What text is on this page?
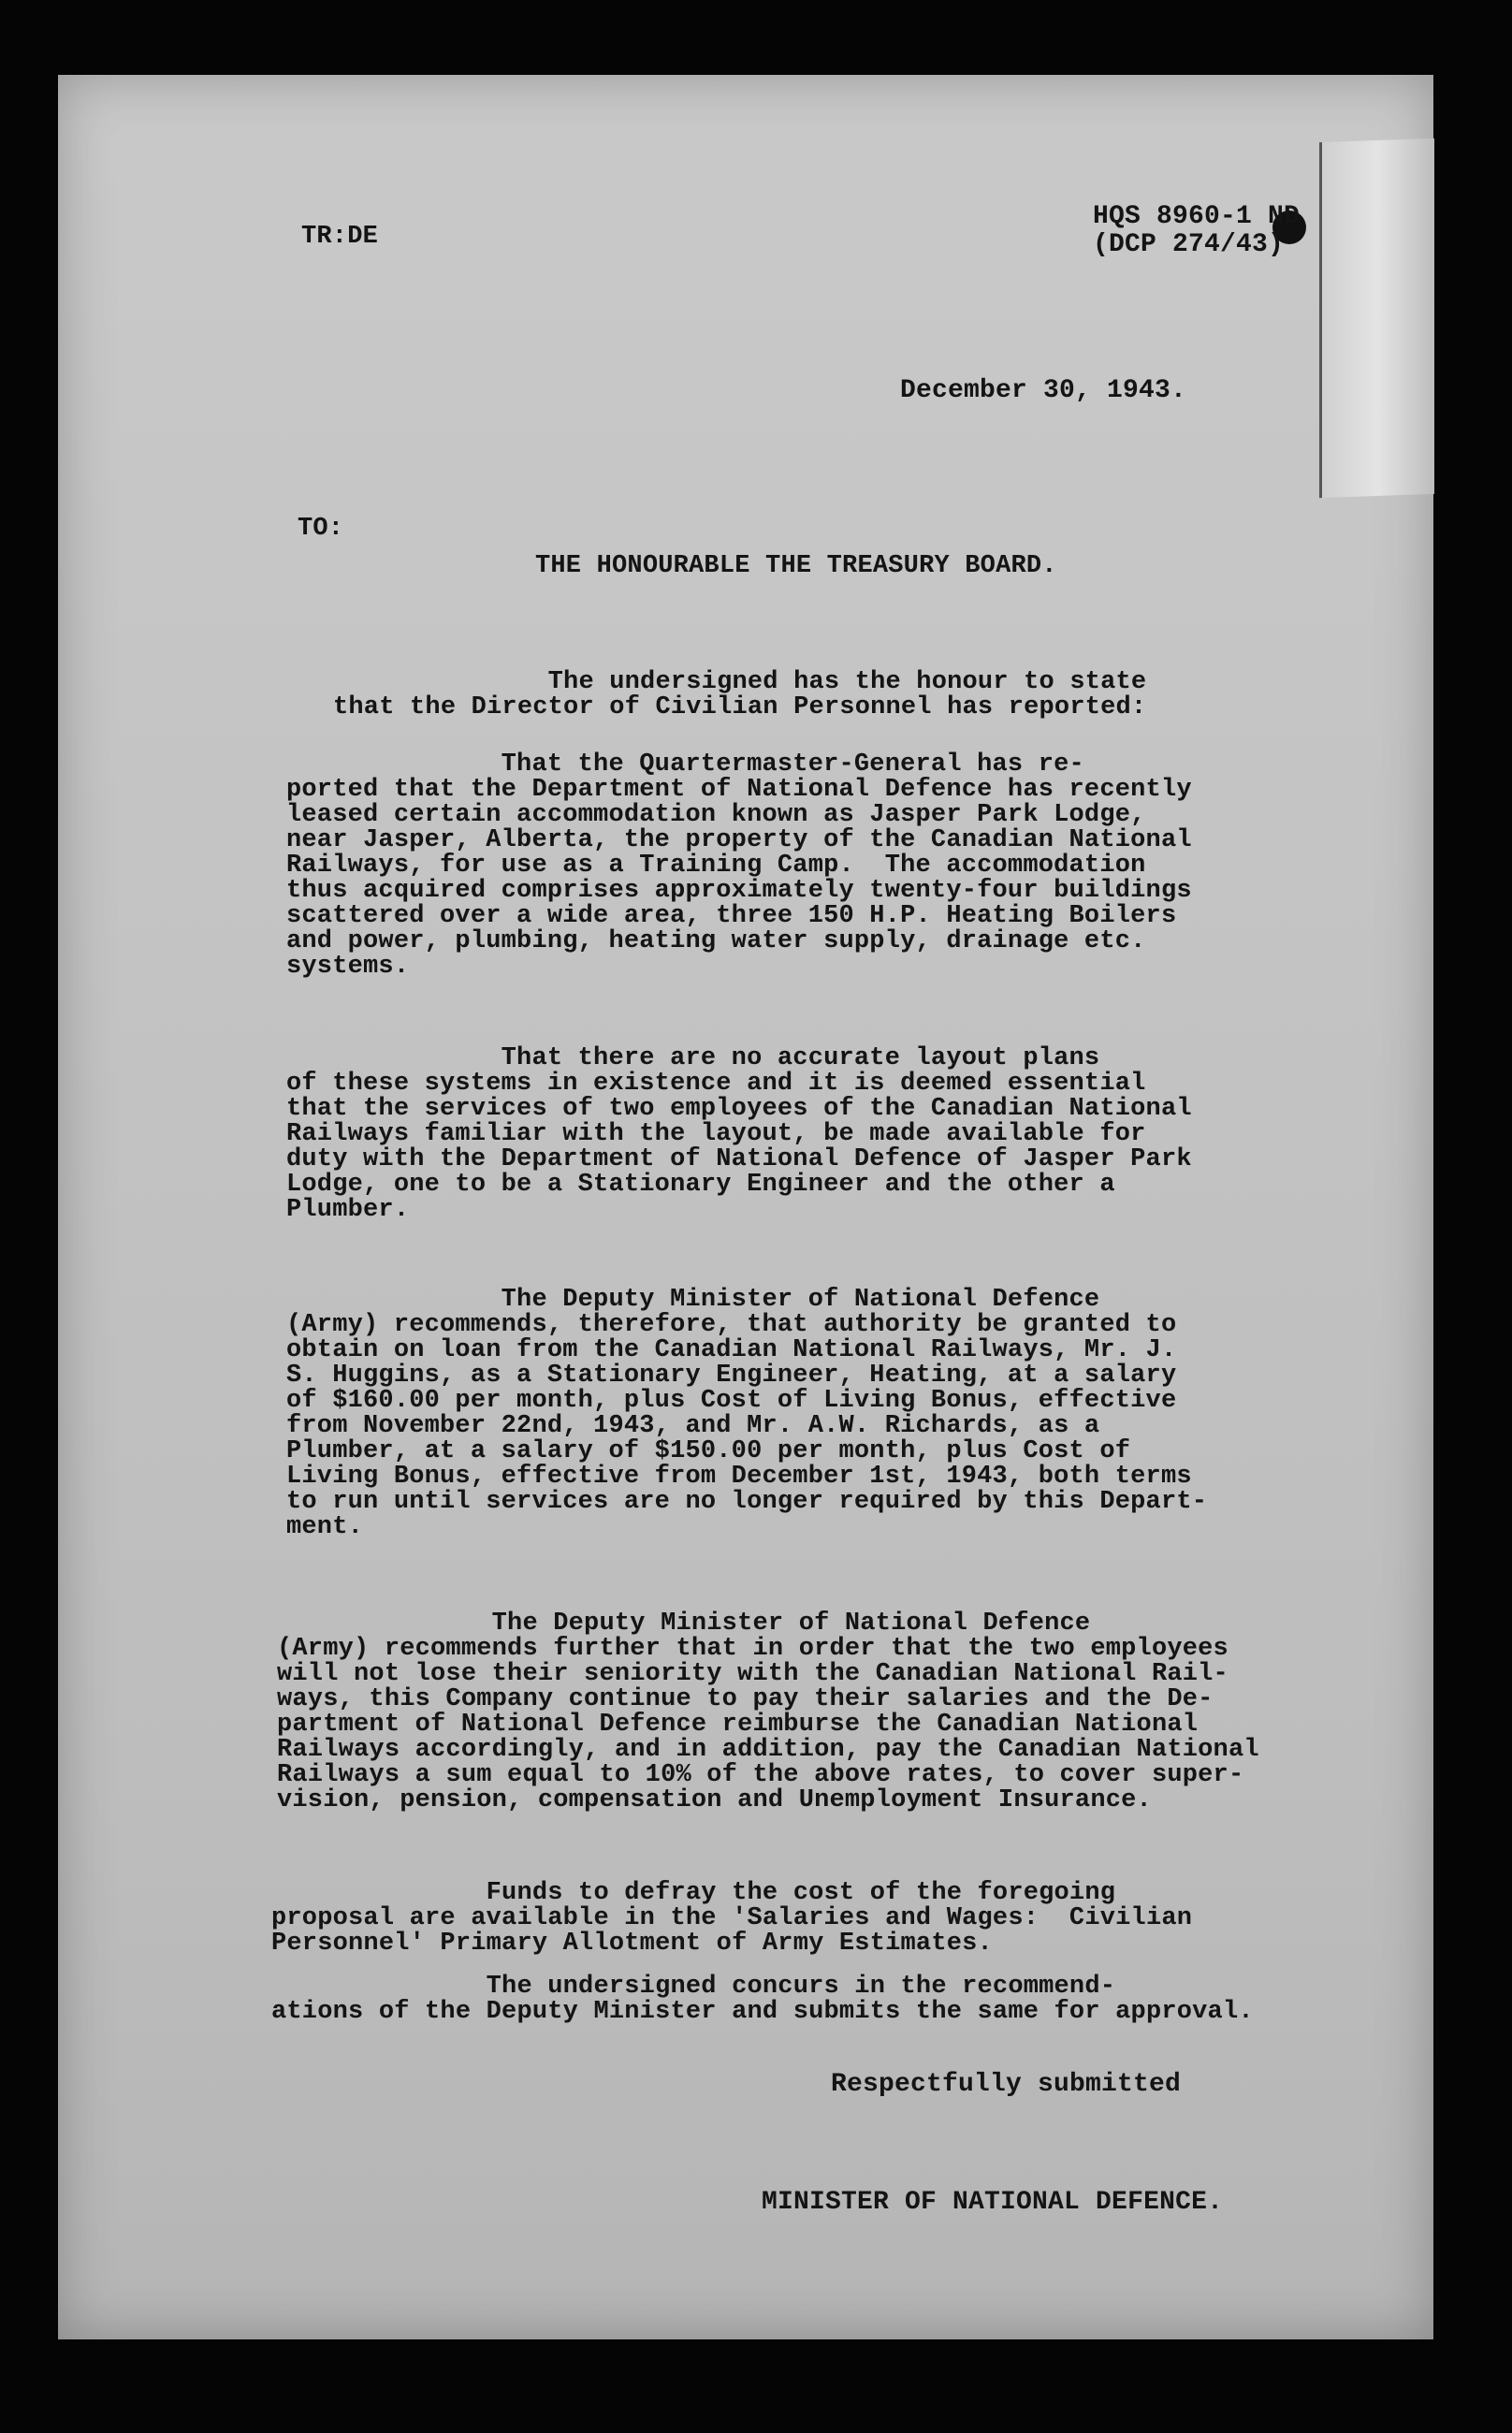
TR:DE
HQS 8960-1 ND
(DCP 274/43)
December 30, 1943.
TO:
THE HONOURABLE THE TREASURY BOARD.
The undersigned has the honour to state
that the Director of Civilian Personnel has reported:
That the Quartermaster-General has re-
ported that the Department of National Defence has recently
leased certain accommodation known as Jasper Park Lodge,
near Jasper, Alberta, the property of the Canadian National
Railways, for use as a Training Camp.  The accommodation
thus acquired comprises approximately twenty-four buildings
scattered over a wide area, three 150 H.P. Heating Boilers
and power, plumbing, heating water supply, drainage etc.
systems.
That there are no accurate layout plans
of these systems in existence and it is deemed essential
that the services of two employees of the Canadian National
Railways familiar with the layout, be made available for
duty with the Department of National Defence of Jasper Park
Lodge, one to be a Stationary Engineer and the other a
Plumber.
The Deputy Minister of National Defence
(Army) recommends, therefore, that authority be granted to
obtain on loan from the Canadian National Railways, Mr. J.
S. Huggins, as a Stationary Engineer, Heating, at a salary
of $160.00 per month, plus Cost of Living Bonus, effective
from November 22nd, 1943, and Mr. A.W. Richards, as a
Plumber, at a salary of $150.00 per month, plus Cost of
Living Bonus, effective from December 1st, 1943, both terms
to run until services are no longer required by this Depart-
ment.
The Deputy Minister of National Defence
(Army) recommends further that in order that the two employees
will not lose their seniority with the Canadian National Rail-
ways, this Company continue to pay their salaries and the De-
partment of National Defence reimburse the Canadian National
Railways accordingly, and in addition, pay the Canadian National
Railways a sum equal to 10% of the above rates, to cover super-
vision, pension, compensation and Unemployment Insurance.
Funds to defray the cost of the foregoing
proposal are available in the 'Salaries and Wages:  Civilian
Personnel' Primary Allotment of Army Estimates.
The undersigned concurs in the recommend-
ations of the Deputy Minister and submits the same for approval.
Respectfully submitted
MINISTER OF NATIONAL DEFENCE.
